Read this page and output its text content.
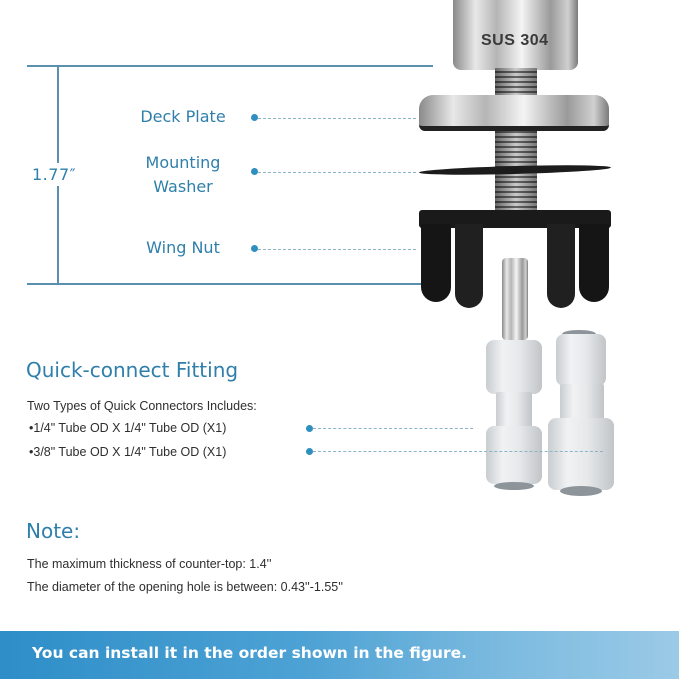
1.77″
Deck Plate
Mounting
Washer
Wing Nut
SUS 304
Quick-connect Fitting
Two Types of Quick Connectors Includes:
•1/4" Tube OD X 1/4" Tube OD (X1)
•3/8" Tube OD X 1/4" Tube OD (X1)
Note:
The maximum thickness of counter-top: 1.4''
The diameter of the opening hole is between: 0.43''-1.55''
You can install it in the order shown in the figure.
